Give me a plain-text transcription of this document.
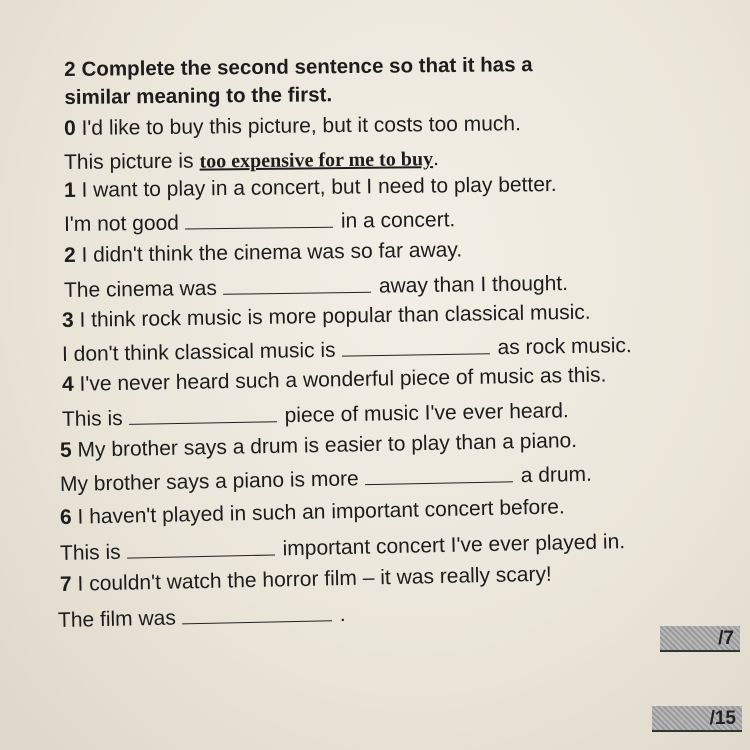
2 Complete the second sentence so that it has a
similar meaning to the first.
0 I'd like to buy this picture, but it costs too much.
This picture is too expensive for me to buy.
1 I want to play in a concert, but I need to play better.
I'm not good	in a concert.
2 I didn't think the cinema was so far away.
The cinema was	away than I thought.
3 I think rock music is more popular than classical music.
I don't think classical music is	as rock music.
4 I've never heard such a wonderful piece of music as this.
This is	piece of music I've ever heard.
5 My brother says a drum is easier to play than a piano.
My brother says a piano is more	a drum.
6 I haven't played in such an important concert before.
This is	important concert I've ever played in.
7 I couldn't watch the horror film – it was really scary!
The film was	.
/7
/15
